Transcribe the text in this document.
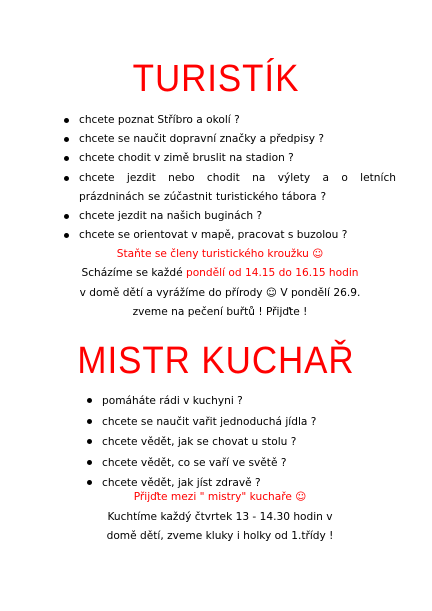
TURISTÍK
chcete poznat Stříbro a okolí ?
chcete se naučit dopravní značky a předpisy ?
chcete chodit v zimě bruslit na stadion ?
chcete jezdit nebo chodit na výlety a o letních prázdninách se zúčastnit turistického tábora ?
chcete jezdit na našich buginách ?
chcete se orientovat v mapě, pracovat s buzolou ?
Staňte se členy turistického kroužku ☺
Scházíme se každé pondělí od 14.15 do 16.15 hodin
v domě dětí a vyrážíme do přírody ☺ V pondělí 26.9.
zveme na pečení buřtů ! Přijďte !
MISTR KUCHAŘ
pomáháte rádi v kuchyni ?
chcete se naučit vařit jednoduchá jídla ?
chcete vědět, jak se chovat u stolu ?
chcete vědět, co se vaří ve světě ?
chcete vědět, jak jíst zdravě ?
Přijďte mezi " mistry" kuchaře ☺
Kuchtíme každý čtvrtek 13 - 14.30 hodin v
domě dětí, zveme kluky i holky od 1.třídy !
